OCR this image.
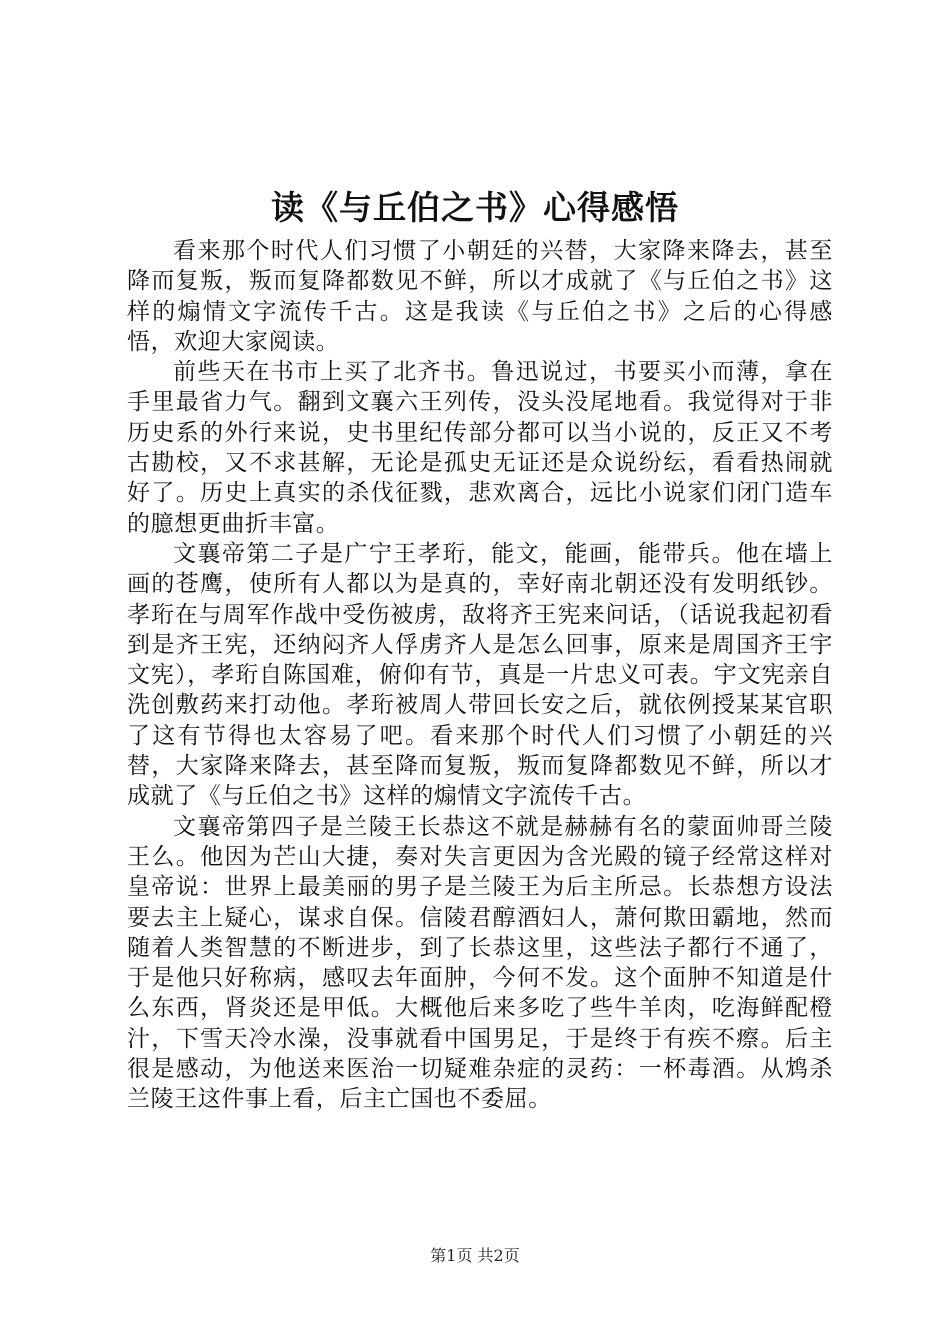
读《与丘伯之书》心得感悟

看来那个时代人们习惯了小朝廷的兴替，大家降来降去，甚至降而复叛，叛而复降都数见不鲜，所以才成就了《与丘伯之书》这样的煽情文字流传千古。这是我读《与丘伯之书》之后的心得感悟，欢迎大家阅读。

前些天在书市上买了北齐书。鲁迅说过，书要买小而薄，拿在手里最省力气。翻到文襄六王列传，没头没尾地看。我觉得对于非历史系的外行来说，史书里纪传部分都可以当小说的，反正又不考古勘校，又不求甚解，无论是孤史无证还是众说纷纭，看看热闹就好了。历史上真实的杀伐征戮，悲欢离合，远比小说家们闭门造车的臆想更曲折丰富。

文襄帝第二子是广宁王孝珩，能文，能画，能带兵。他在墙上画的苍鹰，使所有人都以为是真的，幸好南北朝还没有发明纸钞。孝珩在与周军作战中受伤被虏，敌将齐王宪来问话，（话说我起初看到是齐王宪，还纳闷齐人俘虏齐人是怎么回事，原来是周国齐王宇文宪），孝珩自陈国难，俯仰有节，真是一片忠义可表。宇文宪亲自洗创敷药来打动他。孝珩被周人带回长安之后，就依例授某某官职了这有节得也太容易了吧。看来那个时代人们习惯了小朝廷的兴替，大家降来降去，甚至降而复叛，叛而复降都数见不鲜，所以才成就了《与丘伯之书》这样的煽情文字流传千古。

文襄帝第四子是兰陵王长恭这不就是赫赫有名的蒙面帅哥兰陵王么。他因为芒山大捷，奏对失言更因为含光殿的镜子经常这样对皇帝说：世界上最美丽的男子是兰陵王为后主所忌。长恭想方设法要去主上疑心，谋求自保。信陵君醇酒妇人，萧何欺田霸地，然而随着人类智慧的不断进步，到了长恭这里，这些法子都行不通了，于是他只好称病，感叹去年面肿，今何不发。这个面肿不知道是什么东西，肾炎还是甲低。大概他后来多吃了些牛羊肉，吃海鲜配橙汁，下雪天冷水澡，没事就看中国男足，于是终于有疾不瘵。后主很是感动，为他送来医治一切疑难杂症的灵药：一杯毒酒。从鸩杀兰陵王这件事上看，后主亡国也不委屈。

第1页 共2页
